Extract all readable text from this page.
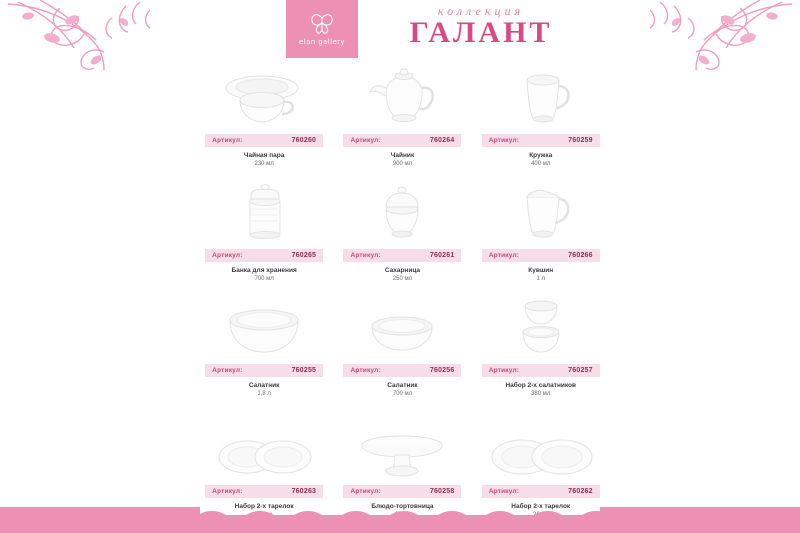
elan gallery
коллекция
ГАЛАНТ
Артикул:	760260
Чайная пара
230 мл
Артикул:	760264
Чайник
900 мл
Артикул:	760259
Кружка
400 мл
Артикул:	760265
Банка для хранения
700 мл
Артикул:	760261
Сахарница
250 мл
Артикул:	760266
Кувшин
1 л
Артикул:	760255
Салатник
1,8 л
Артикул:	760256
Салатник
700 мл
Артикул:	760257
Набор 2-х салатников
380 мл
Артикул:	760263
Набор 2-х тарелок
Артикул:	760258
Блюдо-тортовница
Артикул:	760262
Набор 2-х тарелок
